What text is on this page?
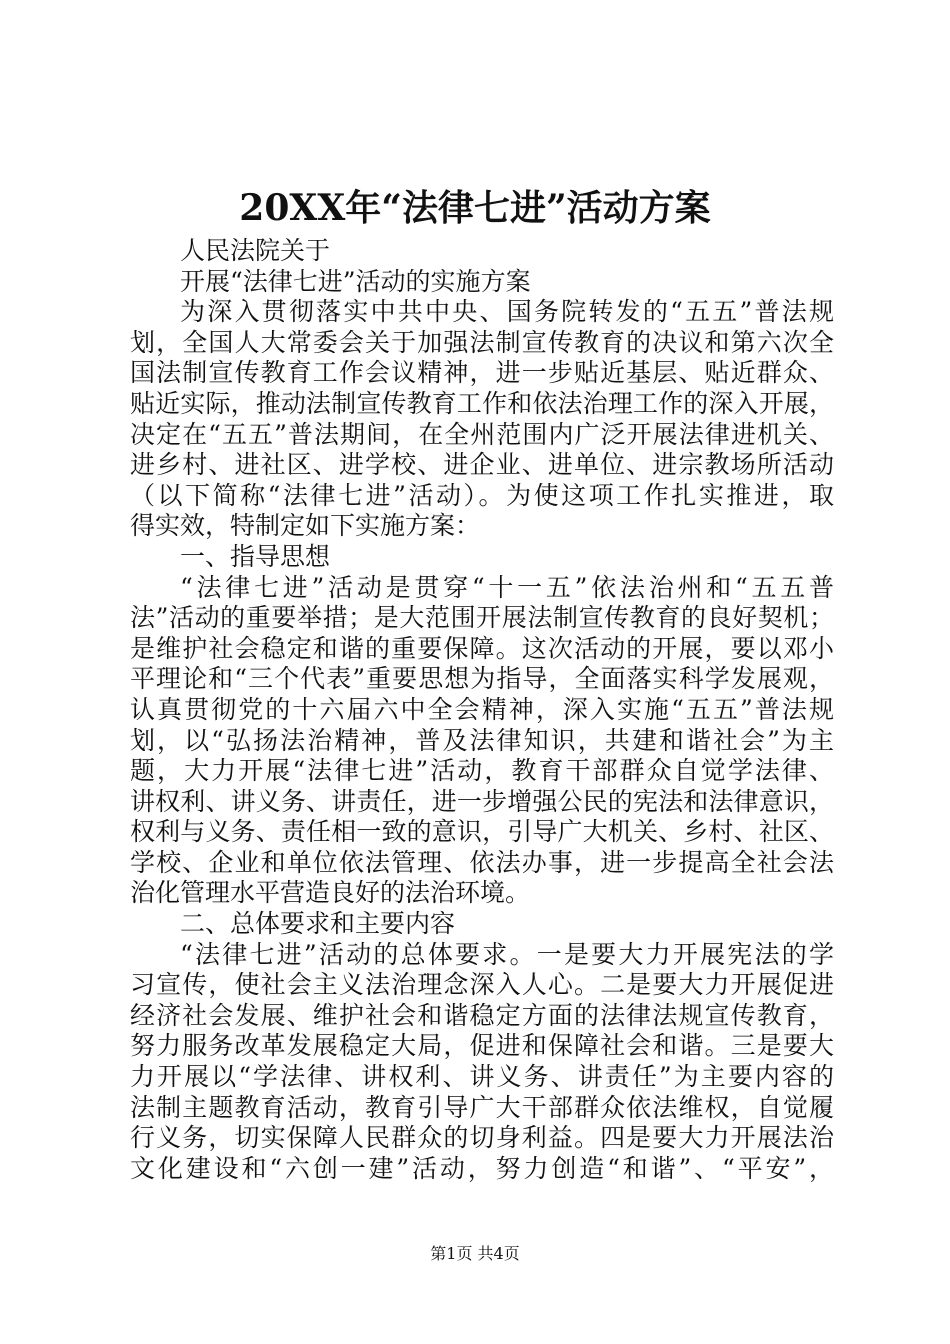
20XX年“法律七进”活动方案
人民法院关于
开展“法律七进”活动的实施方案
为深入贯彻落实中共中央、国务院转发的“五五”普法规
划，全国人大常委会关于加强法制宣传教育的决议和第六次全
国法制宣传教育工作会议精神，进一步贴近基层、贴近群众、
贴近实际，推动法制宣传教育工作和依法治理工作的深入开展，
决定在“五五”普法期间，在全州范围内广泛开展法律进机关、
进乡村、进社区、进学校、进企业、进单位、进宗教场所活动
（以下简称“法律七进”活动）。为使这项工作扎实推进，取
得实效，特制定如下实施方案：
一、指导思想
“法律七进”活动是贯穿“十一五”依法治州和“五五普
法”活动的重要举措；是大范围开展法制宣传教育的良好契机；
是维护社会稳定和谐的重要保障。这次活动的开展，要以邓小
平理论和“三个代表”重要思想为指导，全面落实科学发展观，
认真贯彻党的十六届六中全会精神，深入实施“五五”普法规
划，以“弘扬法治精神，普及法律知识，共建和谐社会”为主
题，大力开展“法律七进”活动，教育干部群众自觉学法律、
讲权利、讲义务、讲责任，进一步增强公民的宪法和法律意识，
权利与义务、责任相一致的意识，引导广大机关、乡村、社区、
学校、企业和单位依法管理、依法办事，进一步提高全社会法
治化管理水平营造良好的法治环境。
二、总体要求和主要内容
“法律七进”活动的总体要求。一是要大力开展宪法的学
习宣传，使社会主义法治理念深入人心。二是要大力开展促进
经济社会发展、维护社会和谐稳定方面的法律法规宣传教育，
努力服务改革发展稳定大局，促进和保障社会和谐。三是要大
力开展以“学法律、讲权利、讲义务、讲责任”为主要内容的
法制主题教育活动，教育引导广大干部群众依法维权，自觉履
行义务，切实保障人民群众的切身利益。四是要大力开展法治
文化建设和“六创一建”活动，努力创造“和谐”、“平安”，
第1页 共4页
